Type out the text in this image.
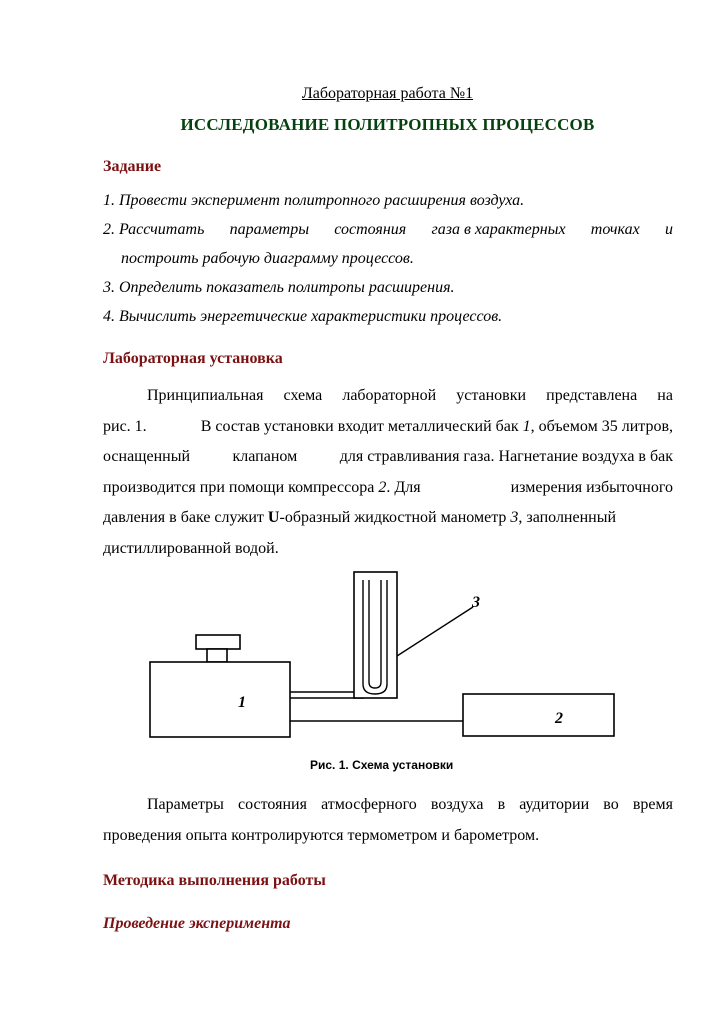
Лабораторная работа №1
ИССЛЕДОВАНИЕ ПОЛИТРОПНЫХ ПРОЦЕССОВ
Задание
1. Провести эксперимент политропного расширения воздуха.
2. Рассчитать параметры состояния газа в характерных точках и
построить рабочую диаграмму процессов.
3. Определить показатель политропы расширения.
4. Вычислить энергетические характеристики процессов.
Лабораторная установка
Принципиальная схема лабораторной установки представлена на
рис. 1.	В состав установки входит металлический бак 1, объемом 35 литров,
оснащенный	клапаном	для стравливания газа. Нагнетание воздуха в бак
производится при помощи компрессора 2. Для	измерения избыточного
давления в баке служит U-образный жидкостной манометр 3, заполненный
дистиллированной водой.
1
2
3
Рис. 1. Схема установки
Параметры состояния атмосферного воздуха в аудитории во время
проведения опыта контролируются термометром и барометром.
Методика выполнения работы
Проведение эксперимента
